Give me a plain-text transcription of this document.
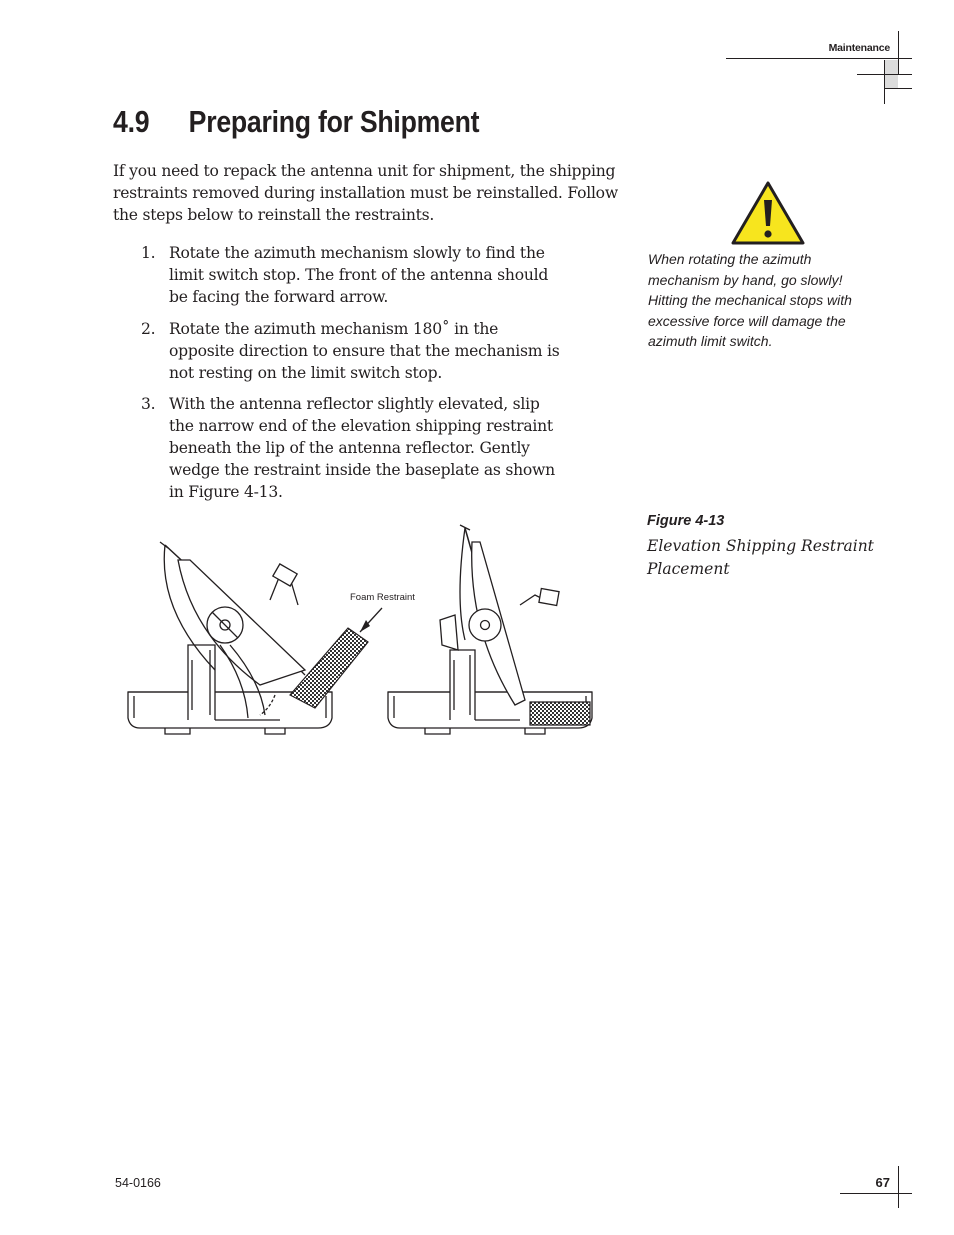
Maintenance
4.9 Preparing for Shipment
If you need to repack the antenna unit for shipment, the shipping
restraints removed during installation must be reinstalled. Follow
the steps below to reinstall the restraints.
1. Rotate the azimuth mechanism slowly to find the
limit switch stop. The front of the antenna should
be facing the forward arrow.
2. Rotate the azimuth mechanism 180˚ in the
opposite direction to ensure that the mechanism is
not resting on the limit switch stop.
3. With the antenna reflector slightly elevated, slip
the narrow end of the elevation shipping restraint
beneath the lip of the antenna reflector. Gently
wedge the restraint inside the baseplate as shown
in Figure 4-13.
When rotating the azimuth
mechanism by hand, go slowly!
Hitting the mechanical stops with
excessive force will damage the
azimuth limit switch.
Figure 4-13
Elevation Shipping Restraint
Placement
Foam Restraint
54-0166	67
